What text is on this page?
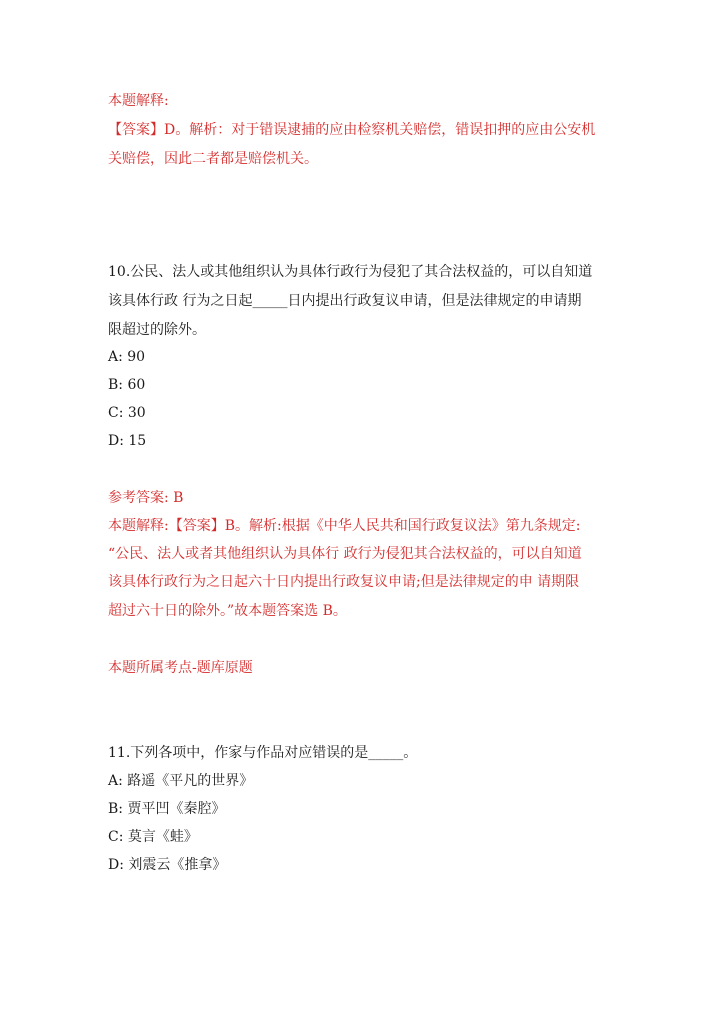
本题解释:
【答案】D。解析：对于错误逮捕的应由检察机关赔偿，错误扣押的应由公安机
关赔偿，因此二者都是赔偿机关。
10.公民、法人或其他组织认为具体行政行为侵犯了其合法权益的，可以自知道
该具体行政 行为之日起_____日内提出行政复议申请，但是法律规定的申请期
限超过的除外。
A: 90
B: 60
C: 30
D: 15
参考答案: B
本题解释:【答案】B。解析:根据《中华人民共和国行政复议法》第九条规定:
“公民、法人或者其他组织认为具体行 政行为侵犯其合法权益的，可以自知道
该具体行政行为之日起六十日内提出行政复议申请;但是法律规定的申 请期限
超过六十日的除外。”故本题答案选 B。
本题所属考点-题库原题
11.下列各项中，作家与作品对应错误的是_____。
A: 路遥《平凡的世界》
B: 贾平凹《秦腔》
C: 莫言《蛙》
D: 刘震云《推拿》
